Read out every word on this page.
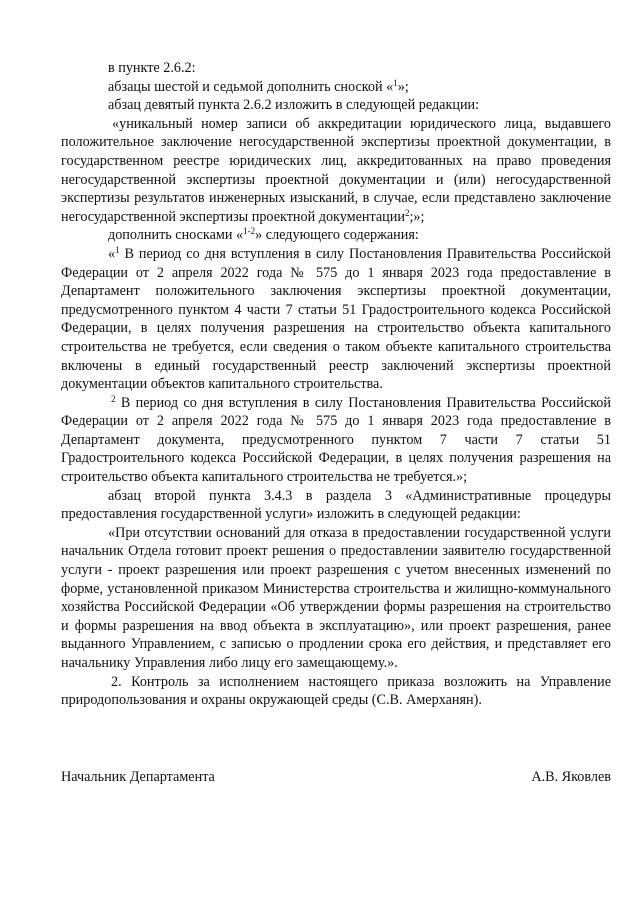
в пункте 2.6.2:

абзацы шестой и седьмой дополнить сноской «$^1$»;

абзац девятый пункта 2.6.2 изложить в следующей редакции:

«уникальный номер записи об аккредитации юридического лица, выдавшего положительное заключение негосударственной экспертизы проектной документации, в государственном реестре юридических лиц, аккредитованных на право проведения негосударственной экспертизы проектной документации и (или) негосударственной экспертизы результатов инженерных изысканий, в случае, если представлено заключение негосударственной экспертизы проектной документации$^2$;»;

дополнить сносками «$^{1-2}$» следующего содержания:

«$^1$ В период со дня вступления в силу Постановления Правительства Российской Федерации от 2 апреля 2022 года № 575 до 1 января 2023 года предоставление в Департамент положительного заключения экспертизы проектной документации, предусмотренного пунктом 4 части 7 статьи 51 Градостроительного кодекса Российской Федерации, в целях получения разрешения на строительство объекта капитального строительства не требуется, если сведения о таком объекте капитального строительства включены в единый государственный реестр заключений экспертизы проектной документации объектов капитального строительства.

$^2$ В период со дня вступления в силу Постановления Правительства Российской Федерации от 2 апреля 2022 года № 575 до 1 января 2023 года предоставление в Департамент документа, предусмотренного пунктом 7 части 7 статьи 51 Градостроительного кодекса Российской Федерации, в целях получения разрешения на строительство объекта капитального строительства не требуется.»;

абзац второй пункта 3.4.3 в раздела 3 «Административные процедуры предоставления государственной услуги» изложить в следующей редакции:

«При отсутствии оснований для отказа в предоставлении государственной услуги начальник Отдела готовит проект решения о предоставлении заявителю государственной услуги - проект разрешения или проект разрешения с учетом внесенных изменений по форме, установленной приказом Министерства строительства и жилищно-коммунального хозяйства Российской Федерации «Об утверждении формы разрешения на строительство и формы разрешения на ввод объекта в эксплуатацию», или проект разрешения, ранее выданного Управлением, с записью о продлении срока его действия, и представляет его начальнику Управления либо лицу его замещающему.».

2. Контроль за исполнением настоящего приказа возложить на Управление природопользования и охраны окружающей среды (С.В. Амерханян).

Начальник Департамента	А.В. Яковлев
